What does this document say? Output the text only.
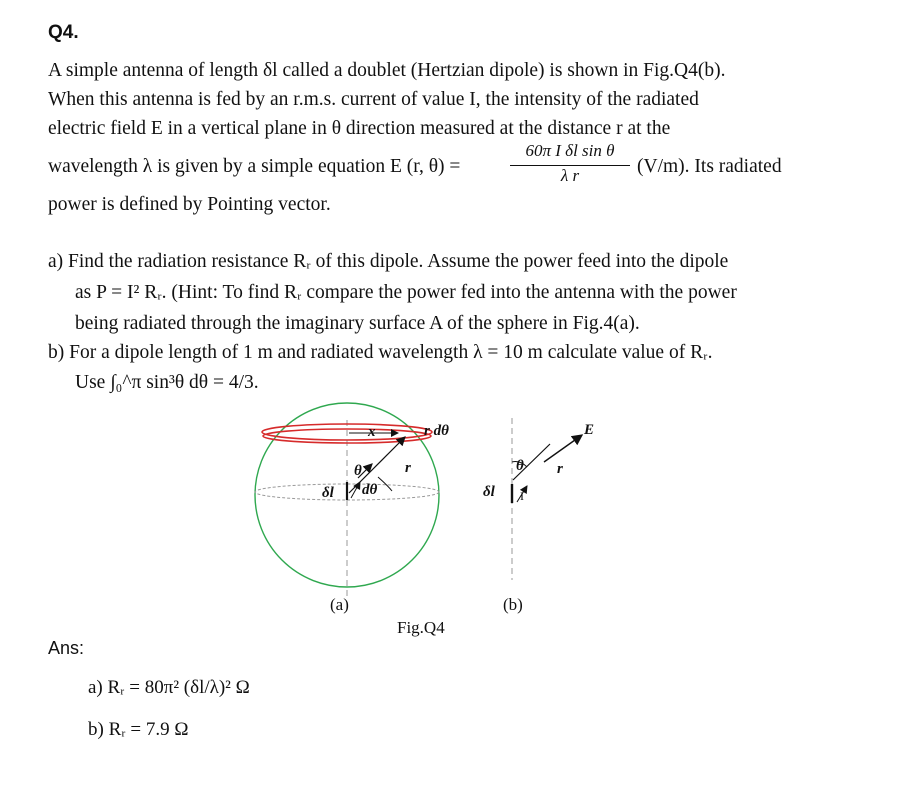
Q4.
A simple antenna of length δl called a doublet (Hertzian dipole) is shown in Fig.Q4(b).
When this antenna is fed by an r.m.s. current of value I, the intensity of the radiated
electric field E in a vertical plane in θ direction measured at the distance r at the
wavelength λ is given by a simple equation E (r, θ) =
60π I δl sin θ
λ r	(V/m). Its radiated
power is defined by Pointing vector.
a) Find the radiation resistance Rᵣ of this dipole. Assume the power feed into the dipole
as P = I² Rᵣ. (Hint: To find Rᵣ compare the power fed into the antenna with the power
being radiated through the imaginary surface A of the sphere in Fig.4(a).
b) For a dipole length of 1 m and radiated wavelength λ = 10 m calculate value of Rᵣ.
Use ∫₀^π sin³θ dθ = 4/3.
x	r dθ
θ	r
δl dθ
(a)
E
θ r
δl I
(b)
Fig.Q4
Ans:
a) Rᵣ = 80π² (δl/λ)² Ω
b) Rᵣ = 7.9 Ω
